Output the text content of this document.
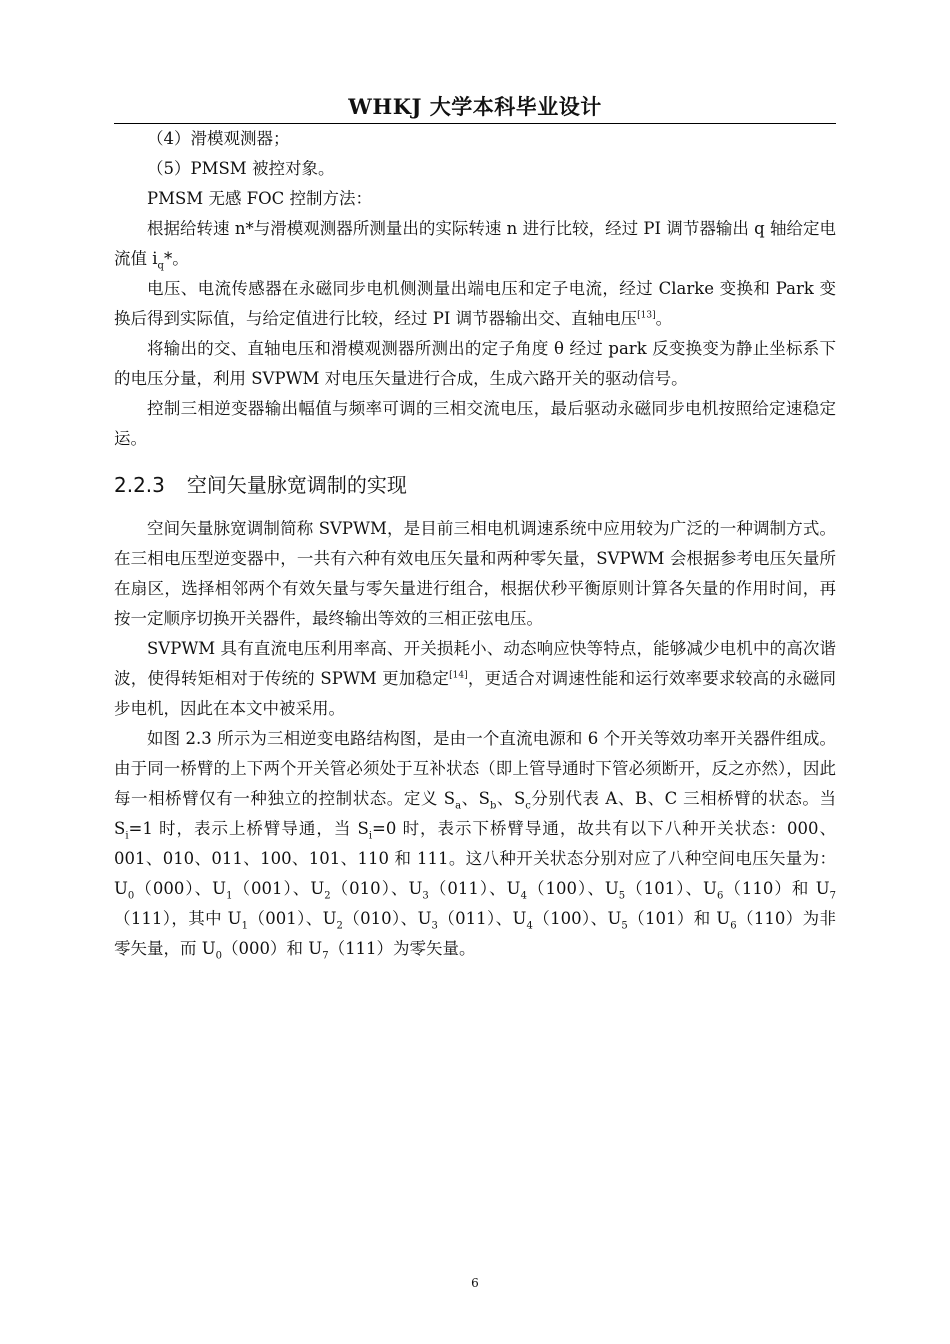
WHKJ 大学本科毕业设计

（4）滑模观测器；

（5）PMSM 被控对象。

PMSM 无感 FOC 控制方法：

根据给转速 n*与滑模观测器所测量出的实际转速 n 进行比较，经过 PI 调节器输出 q 轴给定电流值 $i_q*$。

电压、电流传感器在永磁同步电机侧测量出端电压和定子电流，经过 Clarke 变换和 Park 变换后得到实际值，与给定值进行比较，经过 PI 调节器输出交、直轴电压[13]。

将输出的交、直轴电压和滑模观测器所测出的定子角度 θ 经过 park 反变换变为静止坐标系下的电压分量，利用 SVPWM 对电压矢量进行合成，生成六路开关的驱动信号。

控制三相逆变器输出幅值与频率可调的三相交流电压，最后驱动永磁同步电机按照给定速稳定运。

2.2.3 空间矢量脉宽调制的实现

空间矢量脉宽调制简称 SVPWM，是目前三相电机调速系统中应用较为广泛的一种调制方式。在三相电压型逆变器中，一共有六种有效电压矢量和两种零矢量，SVPWM 会根据参考电压矢量所在扇区，选择相邻两个有效矢量与零矢量进行组合，根据伏秒平衡原则计算各矢量的作用时间，再按一定顺序切换开关器件，最终输出等效的三相正弦电压。

SVPWM 具有直流电压利用率高、开关损耗小、动态响应快等特点，能够减少电机中的高次谐波，使得转矩相对于传统的 SPWM 更加稳定[14]，更适合对调速性能和运行效率要求较高的永磁同步电机，因此在本文中被采用。

如图 2.3 所示为三相逆变电路结构图，是由一个直流电源和 6 个开关等效功率开关器件组成。由于同一桥臂的上下两个开关管必须处于互补状态（即上管导通时下管必须断开，反之亦然），因此每一相桥臂仅有一种独立的控制状态。定义 $S_a$、$S_b$、$S_c$分别代表 A、B、C 三相桥臂的状态。当 $S_i=1$ 时，表示上桥臂导通，当 $S_i=0$ 时，表示下桥臂导通，故共有以下八种开关状态：000、001、010、011、100、101、110 和 111。这八种开关状态分别对应了八种空间电压矢量为：$U_0(000)$、$U_1(001)$、$U_2(010)$、$U_3(011)$、$U_4(100)$、$U_5(101)$、$U_6(110)$和 $U_7(111)$，其中 $U_1(001)$、$U_2(010)$、$U_3(011)$、$U_4(100)$、$U_5(101)$和 $U_6(110)$为非零矢量，而 $U_0(000)$和 $U_7(111)$为零矢量。

6
